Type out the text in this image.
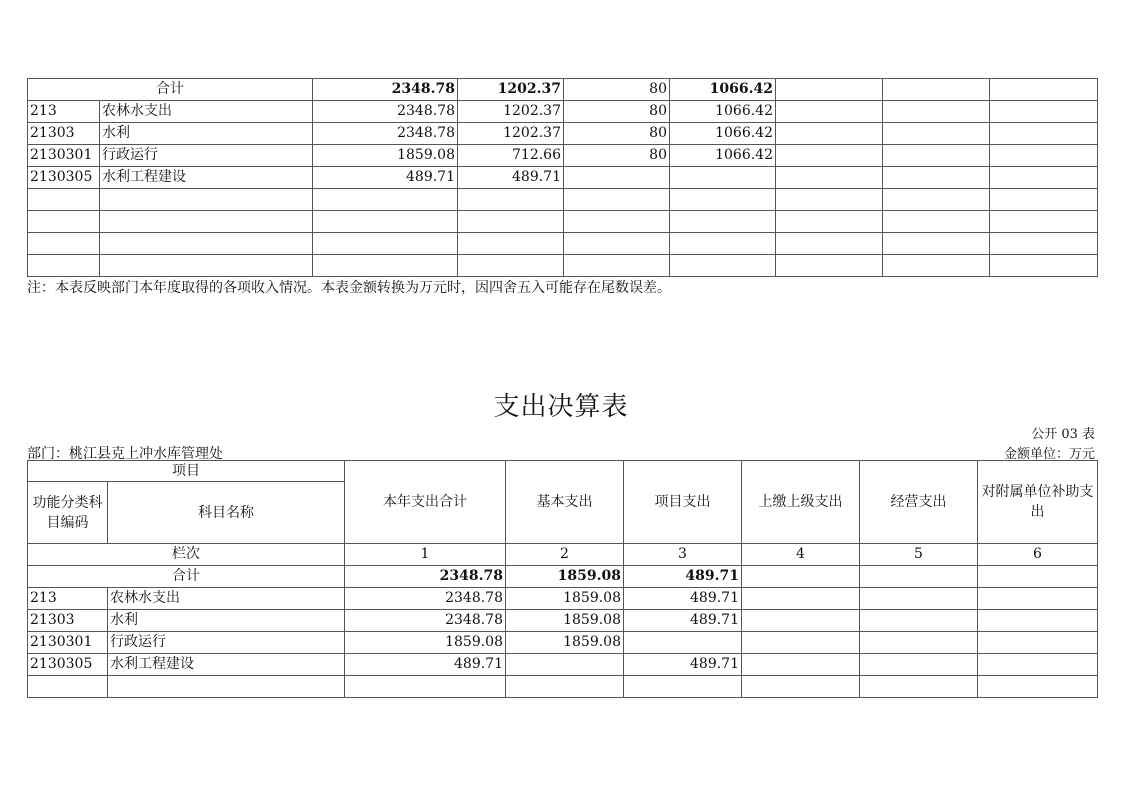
合计		2348.78	1202.37	80	1066.42			
213	农林水支出	2348.78	1202.37	80	1066.42			
21303	水利	2348.78	1202.37	80	1066.42			
2130301	行政运行	1859.08	712.66	80	1066.42			
2130305	水利工程建设	489.71	489.71					

注：本表反映部门本年度取得的各项收入情况。本表金额转换为万元时，因四舍五入可能存在尾数误差。
支出决算表
公开 03 表
部门：桃江县克上冲水库管理处	金额单位：万元
项目		本年支出合计	基本支出	项目支出	上缴上级支出	经营支出	对附属单位补助支出
功能分类科目编码	科目名称						
栏次		1	2	3	4	5	6
合计		2348.78	1859.08	489.71			
213	农林水支出	2348.78	1859.08	489.71			
21303	水利	2348.78	1859.08	489.71			
2130301	行政运行	1859.08	1859.08				
2130305	水利工程建设	489.71		489.71			
